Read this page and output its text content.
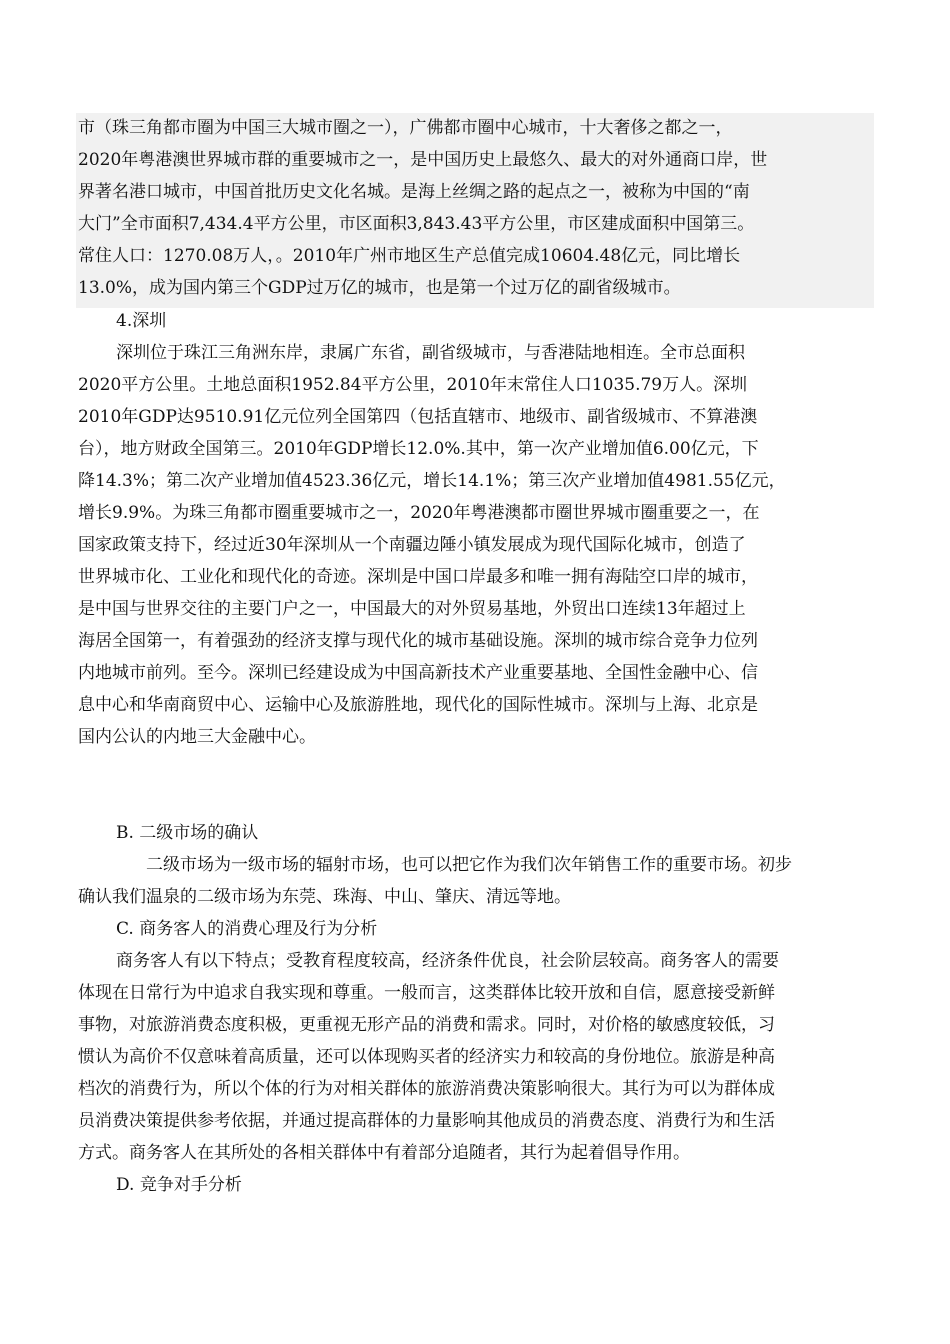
市（珠三角都市圈为中国三大城市圈之一），广佛都市圈中心城市，十大奢侈之都之一，
2020年粤港澳世界城市群的重要城市之一，是中国历史上最悠久、最大的对外通商口岸，世
界著名港口城市，中国首批历史文化名城。是海上丝绸之路的起点之一，被称为中国的“南
大门”全市面积7,434.4平方公里，市区面积3,843.43平方公里，市区建成面积中国第三。
常住人口：1270.08万人，。2010年广州市地区生产总值完成10604.48亿元，同比增长
13.0%，成为国内第三个GDP过万亿的城市，也是第一个过万亿的副省级城市。
4.深圳
深圳位于珠江三角洲东岸，隶属广东省，副省级城市，与香港陆地相连。全市总面积
2020平方公里。土地总面积1952.84平方公里，2010年末常住人口1035.79万人。深圳
2010年GDP达9510.91亿元位列全国第四（包括直辖市、地级市、副省级城市、不算港澳
台），地方财政全国第三。2010年GDP增长12.0%.其中，第一次产业增加值6.00亿元，下
降14.3%；第二次产业增加值4523.36亿元，增长14.1%；第三次产业增加值4981.55亿元，
增长9.9%。为珠三角都市圈重要城市之一，2020年粤港澳都市圈世界城市圈重要之一，在
国家政策支持下，经过近30年深圳从一个南疆边陲小镇发展成为现代国际化城市，创造了
世界城市化、工业化和现代化的奇迹。深圳是中国口岸最多和唯一拥有海陆空口岸的城市，
是中国与世界交往的主要门户之一，中国最大的对外贸易基地，外贸出口连续13年超过上
海居全国第一，有着强劲的经济支撑与现代化的城市基础设施。深圳的城市综合竞争力位列
内地城市前列。至今。深圳已经建设成为中国高新技术产业重要基地、全国性金融中心、信
息中心和华南商贸中心、运输中心及旅游胜地，现代化的国际性城市。深圳与上海、北京是
国内公认的内地三大金融中心。
B. 二级市场的确认
二级市场为一级市场的辐射市场，也可以把它作为我们次年销售工作的重要市场。初步
确认我们温泉的二级市场为东莞、珠海、中山、肇庆、清远等地。
C. 商务客人的消费心理及行为分析
商务客人有以下特点；受教育程度较高，经济条件优良，社会阶层较高。商务客人的需要
体现在日常行为中追求自我实现和尊重。一般而言，这类群体比较开放和自信，愿意接受新鲜
事物，对旅游消费态度积极，更重视无形产品的消费和需求。同时，对价格的敏感度较低，习
惯认为高价不仅意味着高质量，还可以体现购买者的经济实力和较高的身份地位。旅游是种高
档次的消费行为，所以个体的行为对相关群体的旅游消费决策影响很大。其行为可以为群体成
员消费决策提供参考依据，并通过提高群体的力量影响其他成员的消费态度、消费行为和生活
方式。商务客人在其所处的各相关群体中有着部分追随者，其行为起着倡导作用。
D. 竞争对手分析
